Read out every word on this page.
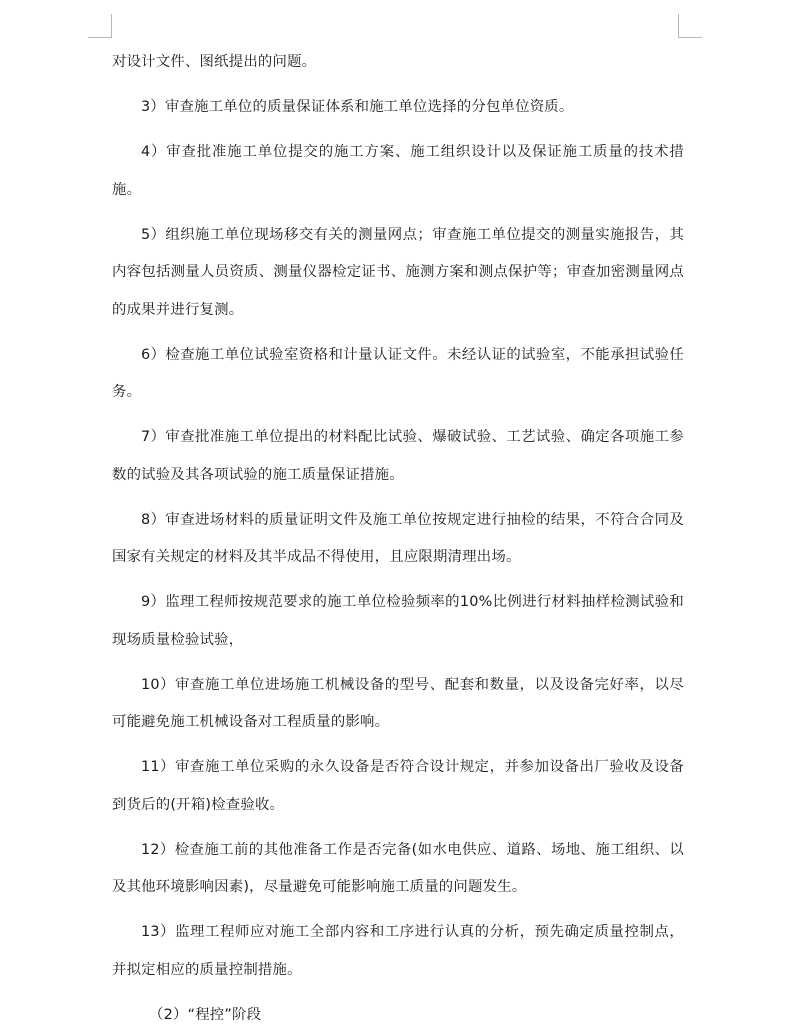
对设计文件、图纸提出的问题。

3）审查施工单位的质量保证体系和施工单位选择的分包单位资质。

4）审查批准施工单位提交的施工方案、施工组织设计以及保证施工质量的技术措施。

5）组织施工单位现场移交有关的测量网点；审查施工单位提交的测量实施报告，其内容包括测量人员资质、测量仪器检定证书、施测方案和测点保护等；审查加密测量网点的成果并进行复测。

6）检查施工单位试验室资格和计量认证文件。未经认证的试验室，不能承担试验任务。

7）审查批准施工单位提出的材料配比试验、爆破试验、工艺试验、确定各项施工参数的试验及其各项试验的施工质量保证措施。

8）审查进场材料的质量证明文件及施工单位按规定进行抽检的结果，不符合合同及国家有关规定的材料及其半成品不得使用，且应限期清理出场。

9）监理工程师按规范要求的施工单位检验频率的10%比例进行材料抽样检测试验和现场质量检验试验，

10）审查施工单位进场施工机械设备的型号、配套和数量，以及设备完好率，以尽可能避免施工机械设备对工程质量的影响。

11）审查施工单位采购的永久设备是否符合设计规定，并参加设备出厂验收及设备到货后的(开箱)检查验收。

12）检查施工前的其他准备工作是否完备(如水电供应、道路、场地、施工组织、以及其他环境影响因素)，尽量避免可能影响施工质量的问题发生。

13）监理工程师应对施工全部内容和工序进行认真的分析，预先确定质量控制点，并拟定相应的质量控制措施。

（2）“程控”阶段
